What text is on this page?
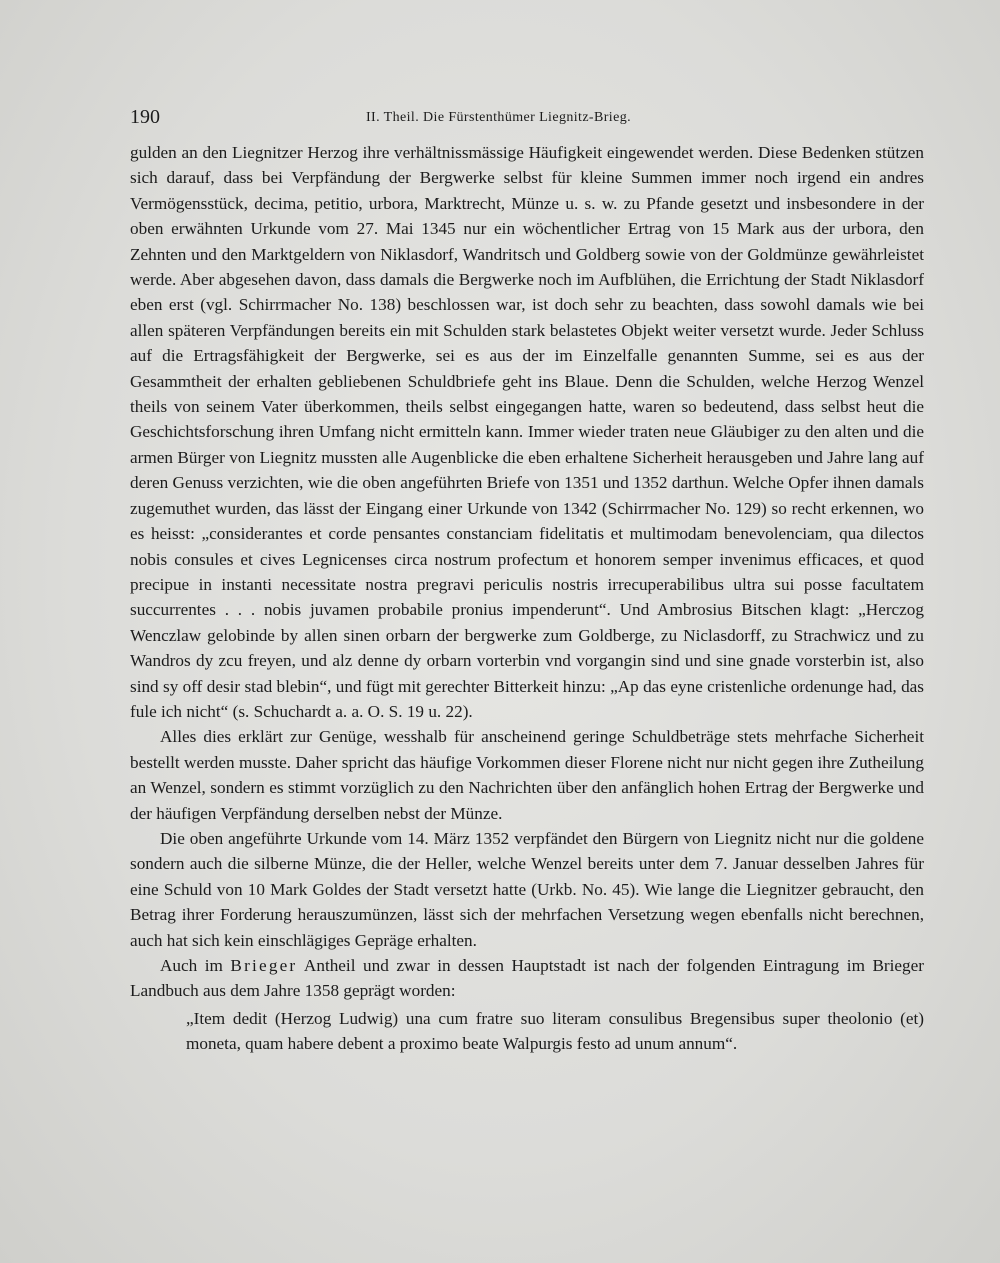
190	II. Theil. Die Fürstenthümer Liegnitz-Brieg.

gulden an den Liegnitzer Herzog ihre verhältnissmässige Häufigkeit eingewendet werden. Diese Bedenken stützen sich darauf, dass bei Verpfändung der Bergwerke selbst für kleine Summen immer noch irgend ein andres Vermögensstück, decima, petitio, urbora, Marktrecht, Münze u. s. w. zu Pfande gesetzt und insbesondere in der oben erwähnten Urkunde vom 27. Mai 1345 nur ein wöchentlicher Ertrag von 15 Mark aus der urbora, den Zehnten und den Marktgeldern von Niklasdorf, Wandritsch und Goldberg sowie von der Goldmünze gewährleistet werde. Aber abgesehen davon, dass damals die Bergwerke noch im Aufblühen, die Errichtung der Stadt Niklasdorf eben erst (vgl. Schirrmacher No. 138) beschlossen war, ist doch sehr zu beachten, dass sowohl damals wie bei allen späteren Verpfändungen bereits ein mit Schulden stark belastetes Objekt weiter versetzt wurde. Jeder Schluss auf die Ertragsfähigkeit der Bergwerke, sei es aus der im Einzelfalle genannten Summe, sei es aus der Gesammtheit der erhalten gebliebenen Schuldbriefe geht ins Blaue. Denn die Schulden, welche Herzog Wenzel theils von seinem Vater überkommen, theils selbst eingegangen hatte, waren so bedeutend, dass selbst heut die Geschichtsforschung ihren Umfang nicht ermitteln kann. Immer wieder traten neue Gläubiger zu den alten und die armen Bürger von Liegnitz mussten alle Augenblicke die eben erhaltene Sicherheit herausgeben und Jahre lang auf deren Genuss verzichten, wie die oben angeführten Briefe von 1351 und 1352 darthun. Welche Opfer ihnen damals zugemuthet wurden, das lässt der Eingang einer Urkunde von 1342 (Schirrmacher No. 129) so recht erkennen, wo es heisst: „considerantes et corde pensantes constanciam fidelitatis et multimodam benevolenciam, qua dilectos nobis consules et cives Legnicenses circa nostrum profectum et honorem semper invenimus efficaces, et quod precipue in instanti necessitate nostra pregravi periculis nostris irrecuperabilibus ultra sui posse facultatem succurrentes . . . nobis juvamen probabile pronius impenderunt“. Und Ambrosius Bitschen klagt: „Herczog Wenczlaw gelobinde by allen sinen orbarn der bergwerke zum Goldberge, zu Niclasdorff, zu Strachwicz und zu Wandros dy zcu freyen, und alz denne dy orbarn vorterbin vnd vorgangin sind und sine gnade vorsterbin ist, also sind sy off desir stad blebin“, und fügt mit gerechter Bitterkeit hinzu: „Ap das eyne cristenliche ordenunge had, das fule ich nicht“ (s. Schuchardt a. a. O. S. 19 u. 22).

Alles dies erklärt zur Genüge, wesshalb für anscheinend geringe Schuldbeträge stets mehrfache Sicherheit bestellt werden musste. Daher spricht das häufige Vorkommen dieser Florene nicht nur nicht gegen ihre Zutheilung an Wenzel, sondern es stimmt vorzüglich zu den Nachrichten über den anfänglich hohen Ertrag der Bergwerke und der häufigen Verpfändung derselben nebst der Münze.

Die oben angeführte Urkunde vom 14. März 1352 verpfändet den Bürgern von Liegnitz nicht nur die goldene sondern auch die silberne Münze, die der Heller, welche Wenzel bereits unter dem 7. Januar desselben Jahres für eine Schuld von 10 Mark Goldes der Stadt versetzt hatte (Urkb. No. 45). Wie lange die Liegnitzer gebraucht, den Betrag ihrer Forderung herauszumünzen, lässt sich der mehrfachen Versetzung wegen ebenfalls nicht berechnen, auch hat sich kein einschlägiges Gepräge erhalten.

Auch im Brieger Antheil und zwar in dessen Hauptstadt ist nach der folgenden Eintragung im Brieger Landbuch aus dem Jahre 1358 geprägt worden:

„Item dedit (Herzog Ludwig) una cum fratre suo literam consulibus Bregensibus super theolonio (et) moneta, quam habere debent a proximo beate Walpurgis festo ad unum annum“.
